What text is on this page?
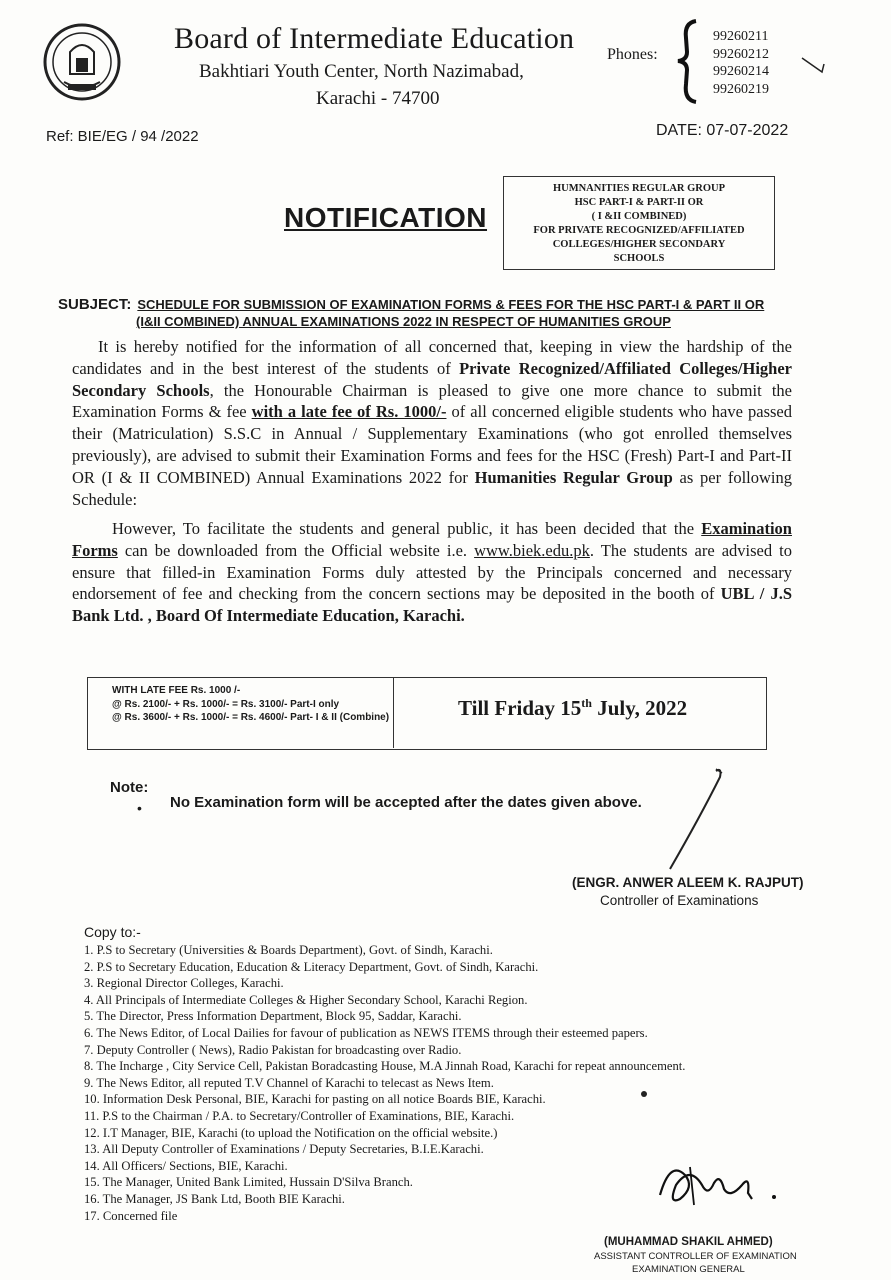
Board of Intermediate Education
Bakhtiari Youth Center, North Nazimabad,
Karachi - 74700
Phones:
99260211
99260212
99260214
99260219
Ref: BIE/EG / 94 /2022	DATE: 07-07-2022
NOTIFICATION
HUMNANITIES REGULAR GROUP
HSC PART-I & PART-II OR
( I &II COMBINED)
FOR PRIVATE RECOGNIZED/AFFILIATED
COLLEGES/HIGHER SECONDARY
SCHOOLS
SUBJECT: SCHEDULE FOR SUBMISSION OF EXAMINATION FORMS & FEES FOR THE HSC PART-I & PART II OR
(I&II COMBINED) ANNUAL EXAMINATIONS 2022 IN RESPECT OF HUMANITIES GROUP
It is hereby notified for the information of all concerned that, keeping in view the hardship of the candidates and in the best interest of the students of Private Recognized/Affiliated Colleges/Higher Secondary Schools, the Honourable Chairman is pleased to give one more chance to submit the Examination Forms & fee with a late fee of Rs. 1000/- of all concerned eligible students who have passed their (Matriculation) S.S.C in Annual / Supplementary Examinations (who got enrolled themselves previously), are advised to submit their Examination Forms and fees for the HSC (Fresh) Part-I and Part-II OR (I & II COMBINED) Annual Examinations 2022 for Humanities Regular Group as per following Schedule:
However, To facilitate the students and general public, it has been decided that the Examination Forms can be downloaded from the Official website i.e. www.biek.edu.pk. The students are advised to ensure that filled-in Examination Forms duly attested by the Principals concerned and necessary endorsement of fee and checking from the concern sections may be deposited in the booth of UBL / J.S Bank Ltd. , Board Of Intermediate Education, Karachi.
WITH LATE FEE Rs. 1000 /-
@ Rs. 2100/- + Rs. 1000/- = Rs. 3100/- Part-I only
@ Rs. 3600/- + Rs. 1000/- = Rs. 4600/- Part- I & II (Combine)	Till Friday 15th July, 2022
Note:
• No Examination form will be accepted after the dates given above.
(ENGR. ANWER ALEEM K. RAJPUT)
Controller of Examinations
Copy to:-
1. P.S to Secretary (Universities & Boards Department), Govt. of Sindh, Karachi.
2. P.S to Secretary Education, Education & Literacy Department, Govt. of Sindh, Karachi.
3. Regional Director Colleges, Karachi.
4. All Principals of Intermediate Colleges & Higher Secondary School, Karachi Region.
5. The Director, Press Information Department, Block 95, Saddar, Karachi.
6. The News Editor, of Local Dailies for favour of publication as NEWS ITEMS through their esteemed papers.
7. Deputy Controller ( News), Radio Pakistan for broadcasting over Radio.
8. The Incharge , City Service Cell, Pakistan Boradcasting House, M.A Jinnah Road, Karachi for repeat announcement.
9. The News Editor, all reputed T.V Channel of Karachi to telecast as News Item.
10. Information Desk Personal, BIE, Karachi for pasting on all notice Boards BIE, Karachi.
11. P.S to the Chairman / P.A. to Secretary/Controller of Examinations, BIE, Karachi.
12. I.T Manager, BIE, Karachi (to upload the Notification on the official website.)
13. All Deputy Controller of Examinations / Deputy Secretaries, B.I.E.Karachi.
14. All Officers/ Sections, BIE, Karachi.
15. The Manager, United Bank Limited, Hussain D'Silva Branch.
16. The Manager, JS Bank Ltd, Booth BIE Karachi.
17. Concerned file
(MUHAMMAD SHAKIL AHMED)
ASSISTANT CONTROLLER OF EXAMINATION
EXAMINATION GENERAL
